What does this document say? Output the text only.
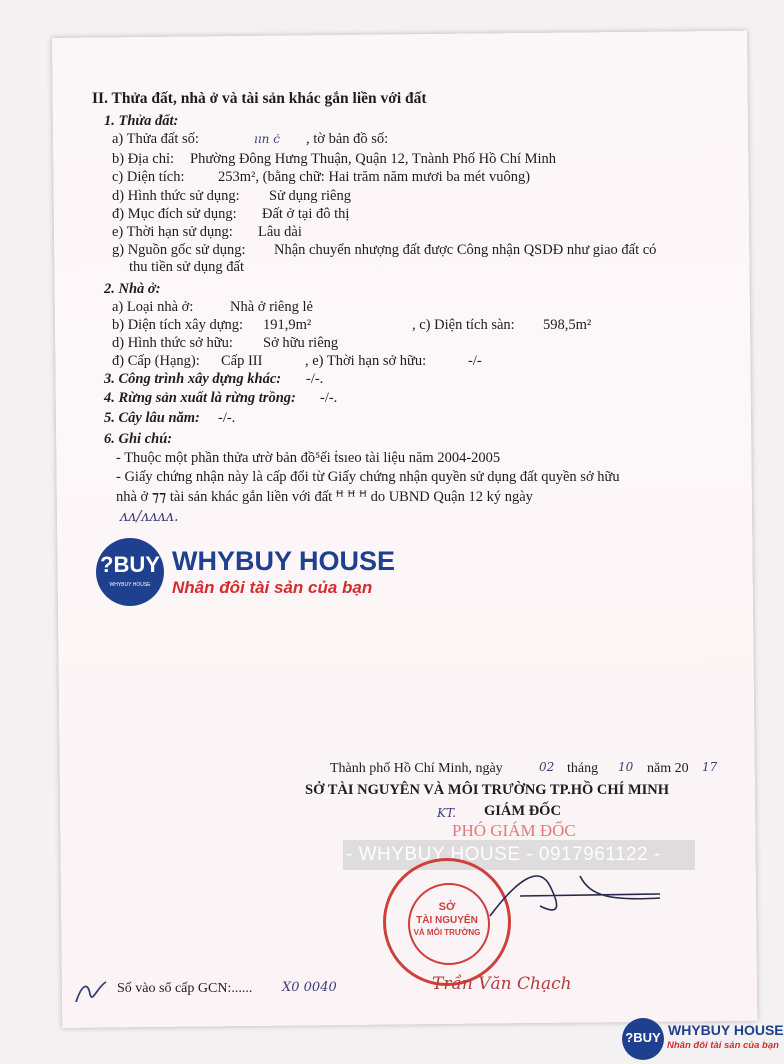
II. Thửa đất, nhà ở và tài sản khác gắn liền với đất
1. Thửa đất:
a) Thửa đất số:	ıın ċ , tờ bản đồ số:
b) Địa chỉ: Phường Đông Hưng Thuận, Quận 12, Tnành Phố Hồ Chí Minh
c) Diện tích: 253m², (bằng chữ: Hai trăm năm mươi ba mét vuông)
d) Hình thức sử dụng: Sử dụng riêng
đ) Mục đích sử dụng: Đất ở tại đô thị
e) Thời hạn sử dụng: Lâu dài
g) Nguồn gốc sử dụng: Nhận chuyển nhượng đất được Công nhận QSDĐ như giao đất có
thu tiền sử dụng đất
2. Nhà ở:
a) Loại nhà ở:	Nhà ở riêng lẻ
b) Diện tích xây dựng: 191,9m²	, c) Diện tích sàn: 598,5m²
d) Hình thức sở hữu: Sở hữu riêng
đ) Cấp (Hạng): Cấp III	, e) Thời hạn sở hữu:	-/-
3. Công trình xây dựng khác: -/-.
4. Rừng sản xuất là rừng trồng: -/-.
5. Cây lâu năm: -/-.
6. Ghi chú:
- Thuộc một phần thửa ưrờ bản đồ⁵ếi ṫsıeo tài liệu năm 2004-2005
- Giấy chứng nhận này là cấp đổi từ Giấy chứng nhận quyền sử dụng đất quyền sở hữu
nhà ở ⁊⁊ tài sản khác gắn liền với đất ꟸ ꟸ ꟸ do UBND Quận 12 ký ngày
ᴧᴧ/ᴧᴧᴧᴧ.
?BUY
WHYBUY HOUSE
WHYBUY HOUSE
Nhân đôi tài sản của bạn
Thành phố Hồ Chí Minh, ngày	02 tháng 10 năm 20 17
SỞ TÀI NGUYÊN VÀ MÔI TRƯỜNG TP.HỒ CHÍ MINH
KT. GIÁM ĐỐC
PHÓ GIÁM ĐỐC
- WHYBUY HOUSE - 0917961122 -
SỞ
TÀI NGUYÊN
VÀ MÔI TRƯỜNG
Trần Văn Chạch
Số vào sổ cấp GCN:...... X0 0040
?BUY WHYBUY HOUSE
Nhân đôi tài sản của bạn
